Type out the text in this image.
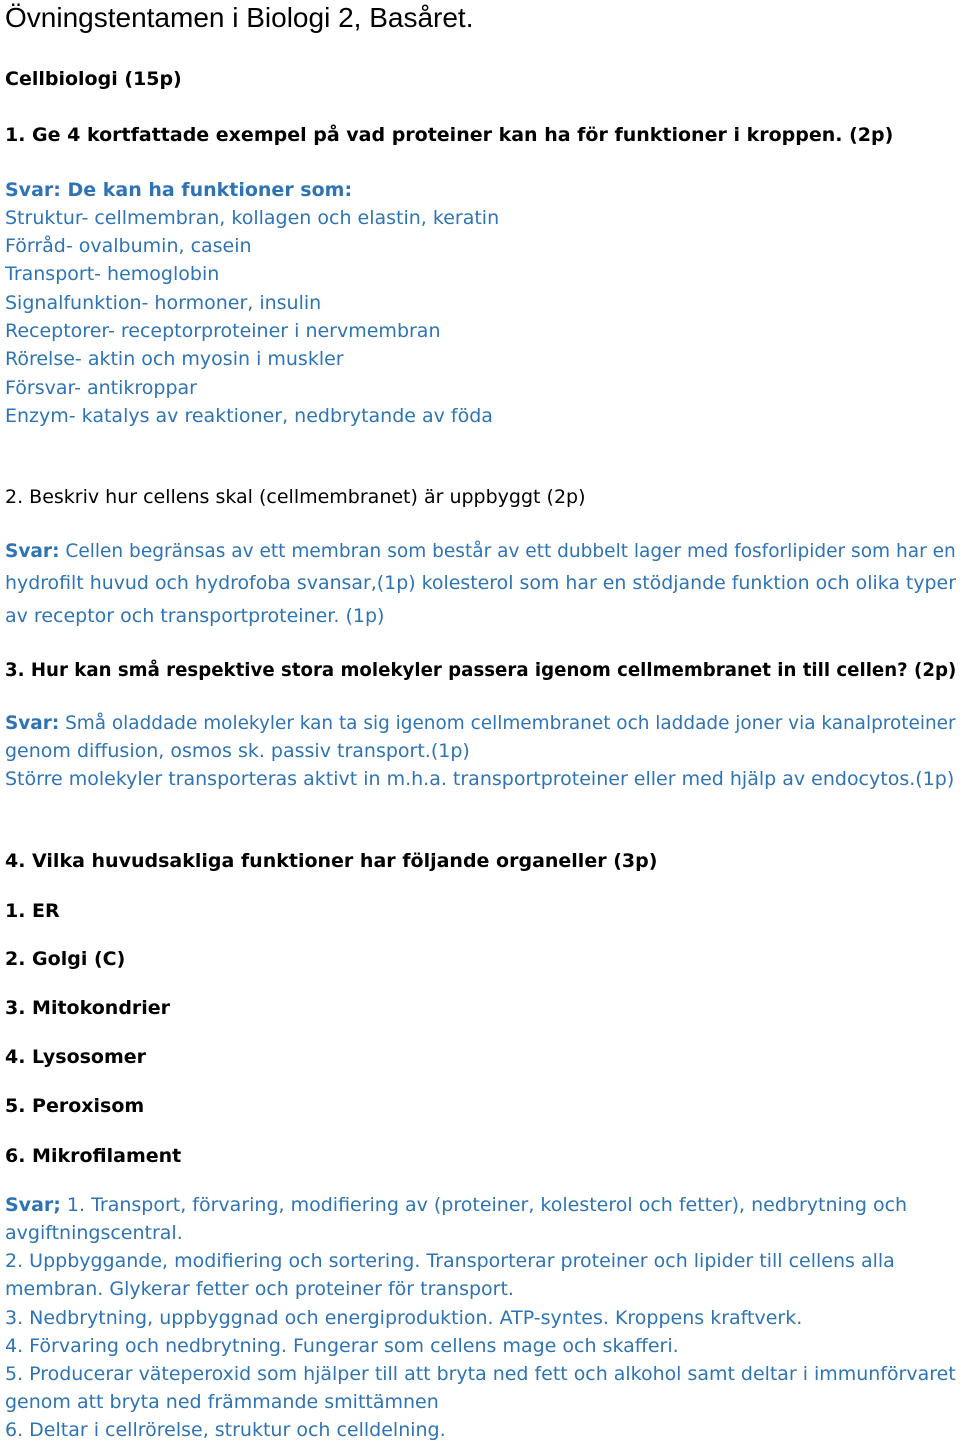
Övningstentamen i Biologi 2, Basåret.
Cellbiologi (15p)
1. Ge 4 kortfattade exempel på vad proteiner kan ha för funktioner i kroppen. (2p)
Svar: De kan ha funktioner som:
Struktur- cellmembran, kollagen och elastin, keratin
Förråd- ovalbumin, casein
Transport- hemoglobin
Signalfunktion- hormoner, insulin
Receptorer- receptorproteiner i nervmembran
Rörelse- aktin och myosin i muskler
Försvar- antikroppar
Enzym- katalys av reaktioner, nedbrytande av föda
2. Beskriv hur cellens skal (cellmembranet) är uppbyggt (2p)
Svar: Cellen begränsas av ett membran som består av ett dubbelt lager med fosforlipider som har en
hydrofilt huvud och hydrofoba svansar,(1p) kolesterol som har en stödjande funktion och olika typer
av receptor och transportproteiner. (1p)
3. Hur kan små respektive stora molekyler passera igenom cellmembranet in till cellen? (2p)
Svar: Små oladdade molekyler kan ta sig igenom cellmembranet och laddade joner via kanalproteiner
genom diffusion, osmos sk. passiv transport.(1p)
Större molekyler transporteras aktivt in m.h.a. transportproteiner eller med hjälp av endocytos.(1p)
4. Vilka huvudsakliga funktioner har följande organeller (3p)
1. ER
2. Golgi (C)
3. Mitokondrier
4. Lysosomer
5. Peroxisom
6. Mikrofilament
Svar; 1. Transport, förvaring, modifiering av (proteiner, kolesterol och fetter), nedbrytning och
avgiftningscentral.
2. Uppbyggande, modifiering och sortering. Transporterar proteiner och lipider till cellens alla
membran. Glykerar fetter och proteiner för transport.
3. Nedbrytning, uppbyggnad och energiproduktion. ATP-syntes. Kroppens kraftverk.
4. Förvaring och nedbrytning. Fungerar som cellens mage och skafferi.
5. Producerar väteperoxid som hjälper till att bryta ned fett och alkohol samt deltar i immunförvaret
genom att bryta ned främmande smittämnen
6. Deltar i cellrörelse, struktur och celldelning.
